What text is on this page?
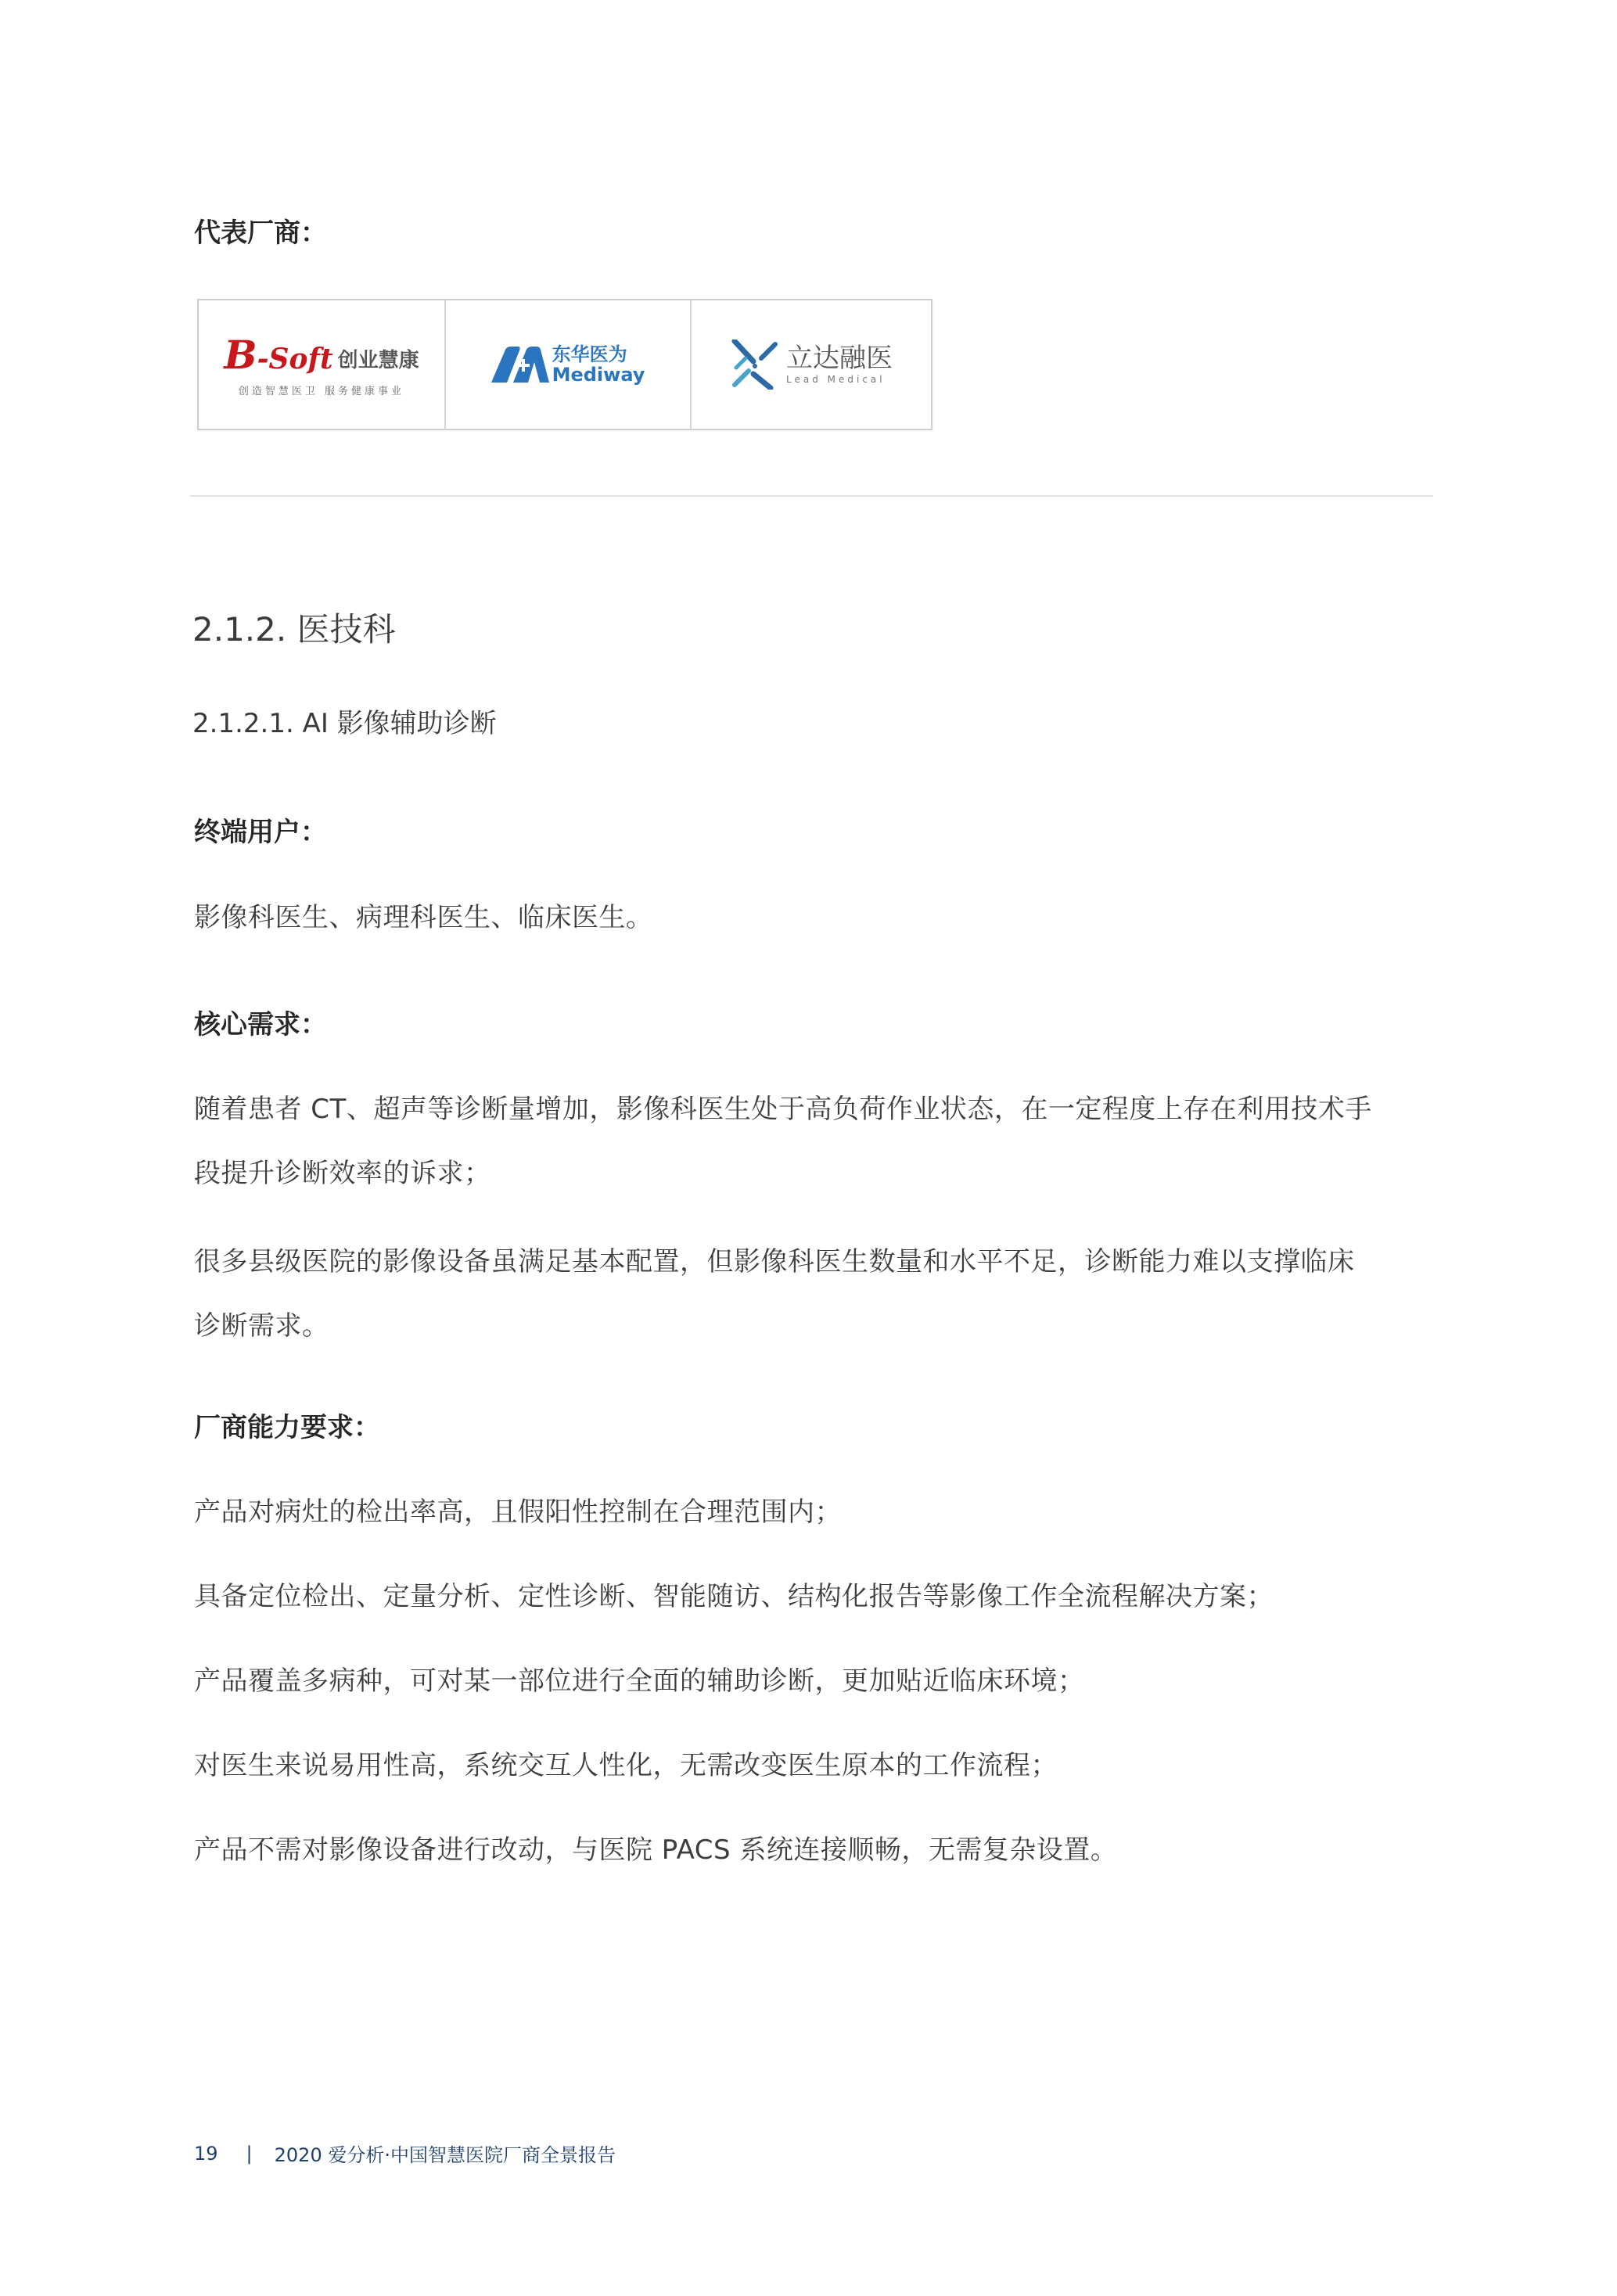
代表厂商：
B-Soft 创业慧康
创造智慧医卫 服务健康事业
东华医为
Mediway
立达融医
Lead Medical
2.1.2. 医技科
2.1.2.1. AI 影像辅助诊断
终端用户：
影像科医生、病理科医生、临床医生。
核心需求：
随着患者 CT、超声等诊断量增加，影像科医生处于高负荷作业状态，在一定程度上存在利用技术手
段提升诊断效率的诉求；
很多县级医院的影像设备虽满足基本配置，但影像科医生数量和水平不足，诊断能力难以支撑临床
诊断需求。
厂商能力要求：
产品对病灶的检出率高，且假阳性控制在合理范围内；
具备定位检出、定量分析、定性诊断、智能随访、结构化报告等影像工作全流程解决方案；
产品覆盖多病种，可对某一部位进行全面的辅助诊断，更加贴近临床环境；
对医生来说易用性高，系统交互人性化，无需改变医生原本的工作流程；
产品不需对影像设备进行改动，与医院 PACS 系统连接顺畅，无需复杂设置。
19 | 2020 爱分析·中国智慧医院厂商全景报告
